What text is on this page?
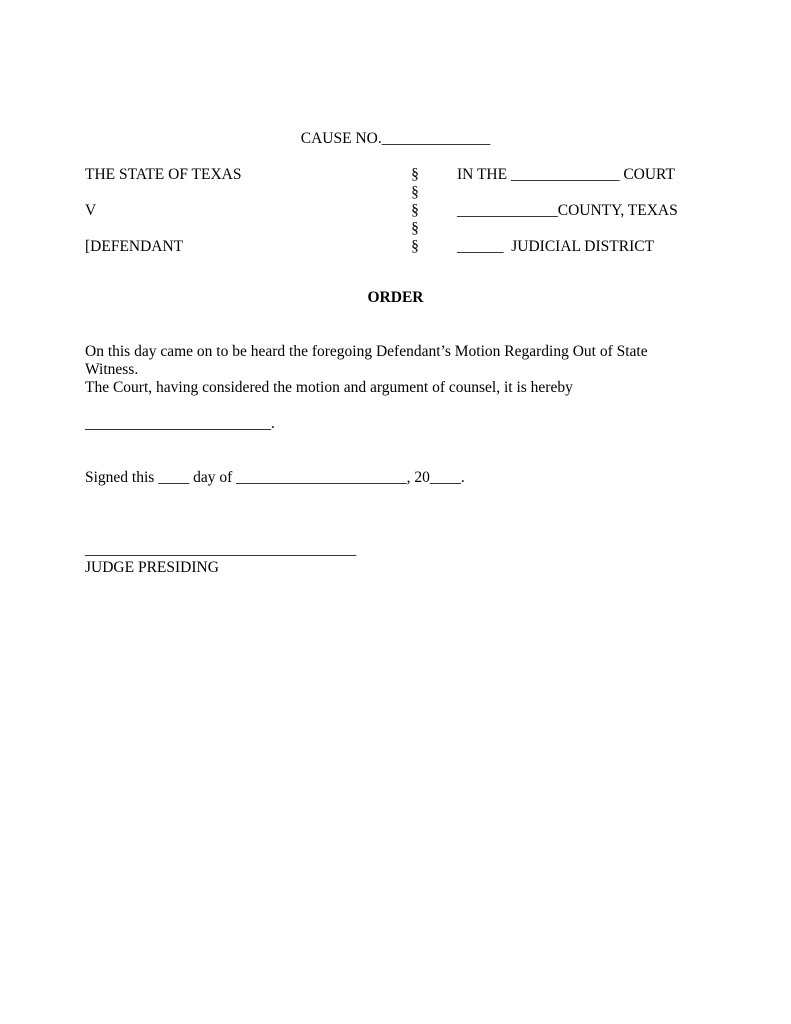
CAUSE NO.______________
THE STATE OF TEXAS
V
[DEFENDANT
§
§
§
§
§
IN THE ______________ COURT
_____________COUNTY, TEXAS
______  JUDICIAL DISTRICT
ORDER
On this day came on to be heard the foregoing Defendant’s Motion Regarding Out of State Witness.
The Court, having considered the motion and argument of counsel, it is hereby
________________________.
Signed this ____ day of ______________________, 20____.
___________________________________
JUDGE PRESIDING
